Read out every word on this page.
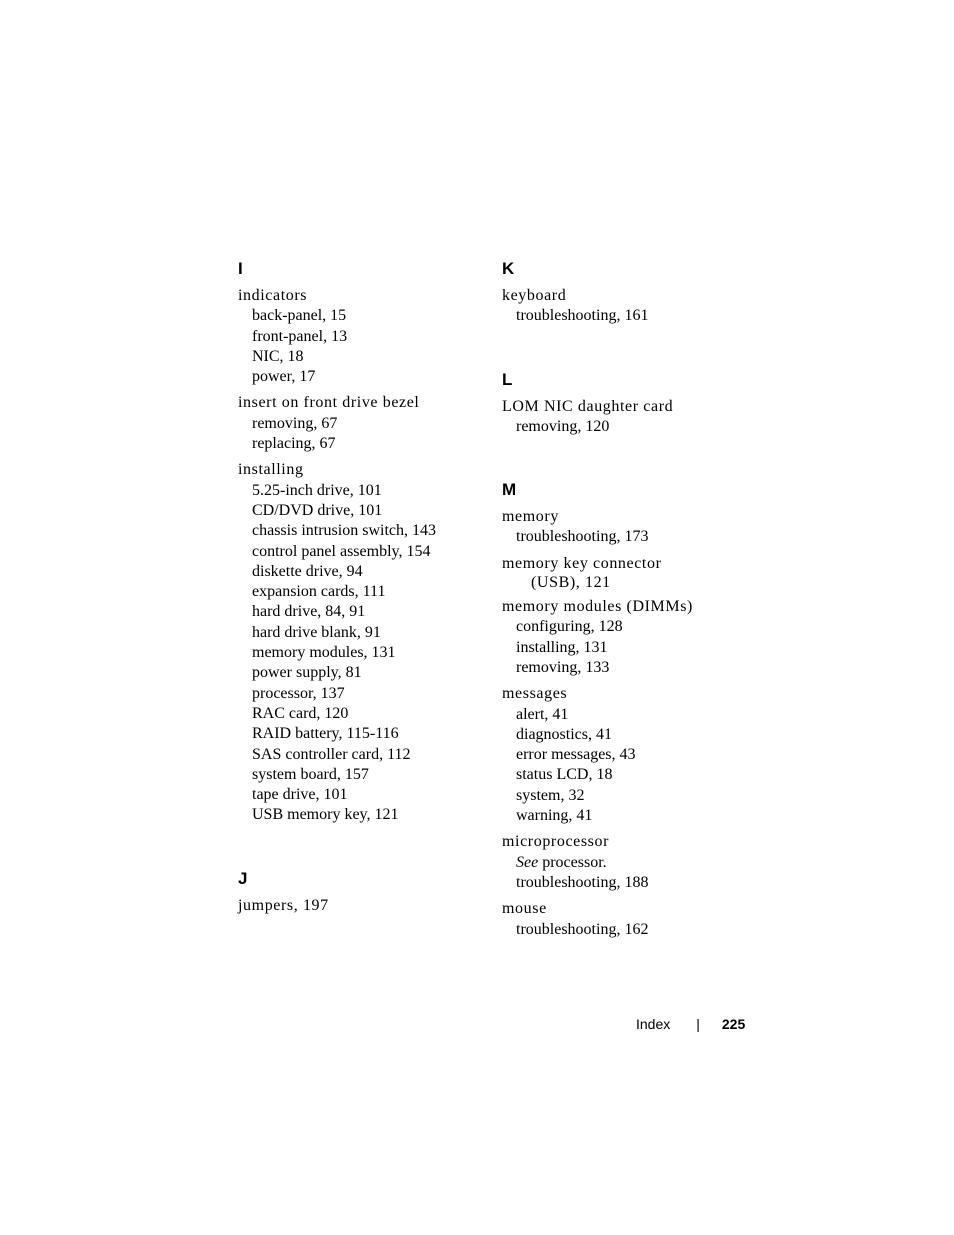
I
indicators
back-panel, 15
front-panel, 13
NIC, 18
power, 17
insert on front drive bezel
removing, 67
replacing, 67
installing
5.25-inch drive, 101
CD/DVD drive, 101
chassis intrusion switch, 143
control panel assembly, 154
diskette drive, 94
expansion cards, 111
hard drive, 84, 91
hard drive blank, 91
memory modules, 131
power supply, 81
processor, 137
RAC card, 120
RAID battery, 115-116
SAS controller card, 112
system board, 157
tape drive, 101
USB memory key, 121
J
jumpers, 197
K
keyboard
troubleshooting, 161
L
LOM NIC daughter card
removing, 120
M
memory
troubleshooting, 173
memory key connector
(USB), 121
memory modules (DIMMs)
configuring, 128
installing, 131
removing, 133
messages
alert, 41
diagnostics, 41
error messages, 43
status LCD, 18
system, 32
warning, 41
microprocessor
See processor.
troubleshooting, 188
mouse
troubleshooting, 162
Index | 225
